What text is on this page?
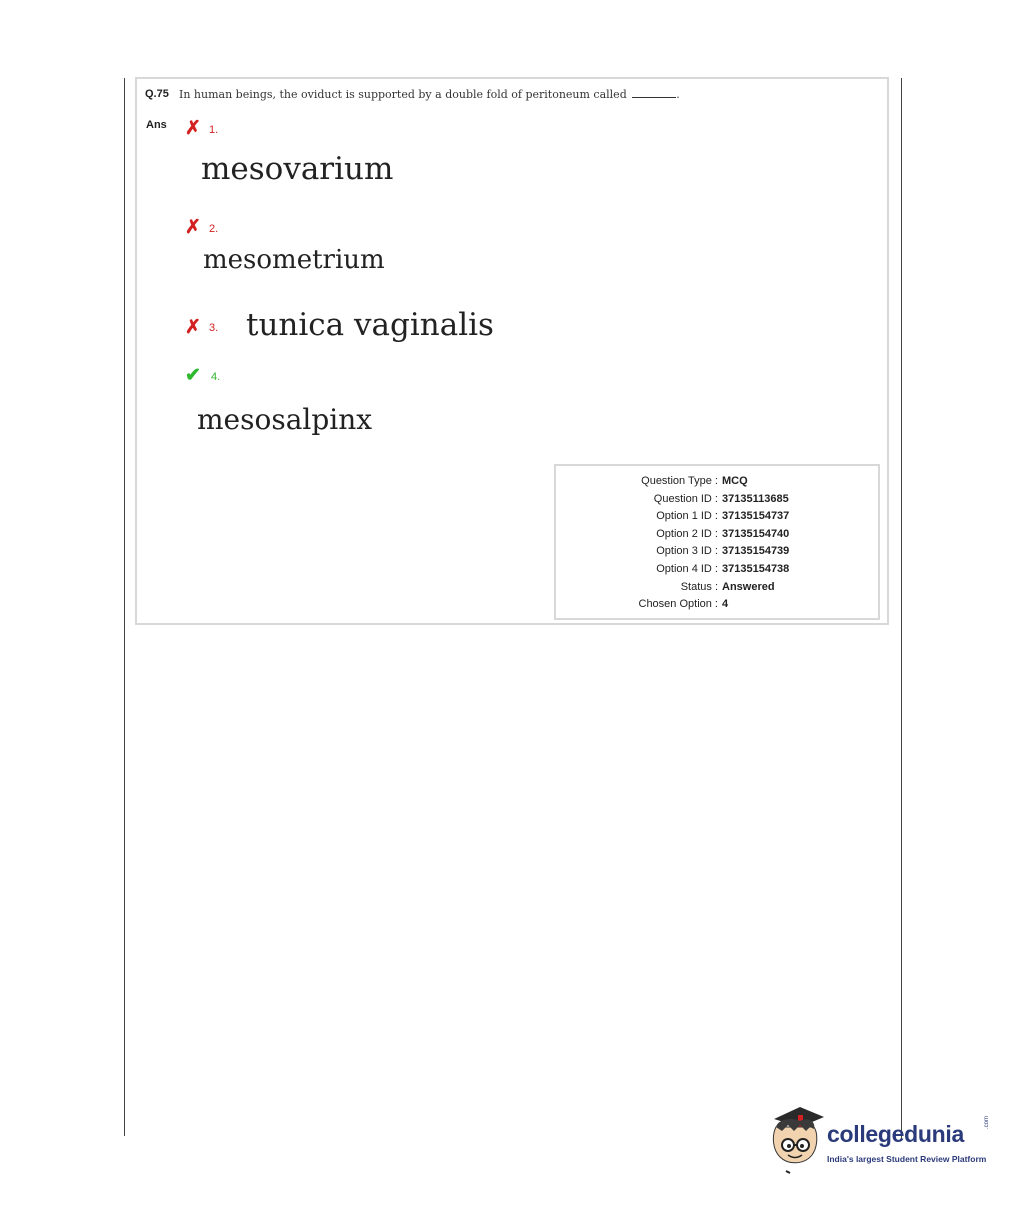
Q.75 In human beings, the oviduct is supported by a double fold of peritoneum called	.
Ans ✗ 1.
mesovarium
✗ 2.
mesometrium
✗ 3. tunica vaginalis
✔ 4.
mesosalpinx
Question Type : MCQ
Question ID : 37135113685
Option 1 ID : 37135154737
Option 2 ID : 37135154740
Option 3 ID : 37135154739
Option 4 ID : 37135154738
Status : Answered
Chosen Option : 4
collegedunia	.com
India's largest Student Review Platform
